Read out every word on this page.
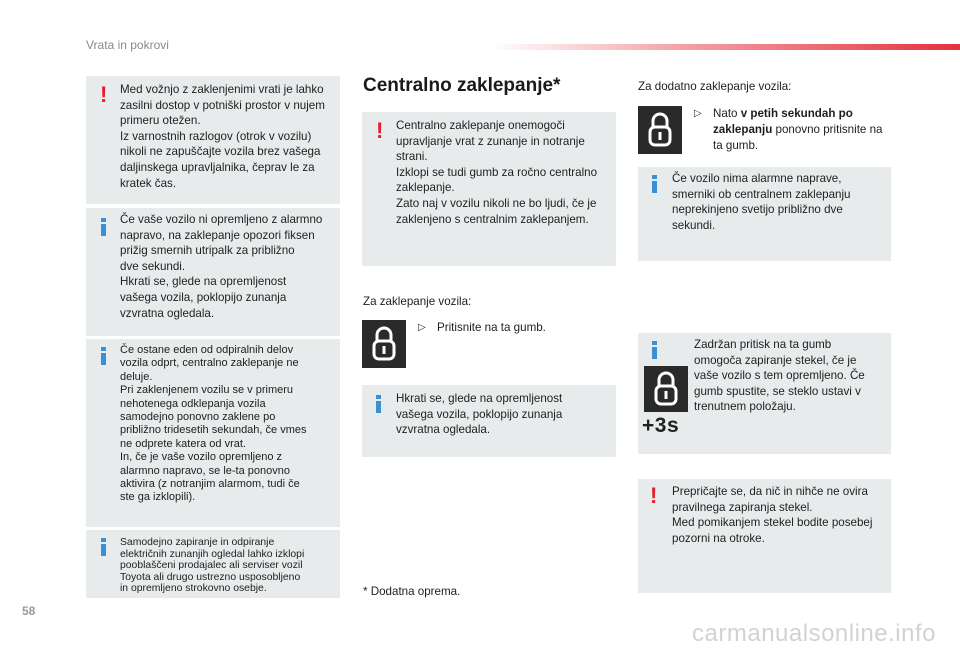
Vrata in pokrovi
! Med vožnjo z zaklenjenimi vrati je lahko
zasilni dostop v potniški prostor v nujem
primeru otežen.
Iz varnostnih razlogov (otrok v vozilu)
nikoli ne zapuščajte vozila brez vašega
daljinskega upravljalnika, čeprav le za
kratek čas.
Če vaše vozilo ni opremljeno z alarmno
napravo, na zaklepanje opozori fiksen
prižig smernih utripalk za približno
dve sekundi.
Hkrati se, glede na opremljenost
vašega vozila, poklopijo zunanja
vzvratna ogledala.
Če ostane eden od odpiralnih delov
vozila odprt, centralno zaklepanje ne
deluje.
Pri zaklenjenem vozilu se v primeru
nehotenega odklepanja vozila
samodejno ponovno zaklene po
približno tridesetih sekundah, če vmes
ne odprete katera od vrat.
In, če je vaše vozilo opremljeno z
alarmno napravo, se le-ta ponovno
aktivira (z notranjim alarmom, tudi če
ste ga izklopili).
Samodejno zapiranje in odpiranje
električnih zunanjih ogledal lahko izklopi
pooblaščeni prodajalec ali serviser vozil
Toyota ali drugo ustrezno usposobljeno
in opremljeno strokovno osebje.
Centralno zaklepanje*
! Centralno zaklepanje onemogoči
upravljanje vrat z zunanje in notranje
strani.
Izklopi se tudi gumb za ročno centralno
zaklepanje.
Zato naj v vozilu nikoli ne bo ljudi, če je
zaklenjeno s centralnim zaklepanjem.
Za zaklepanje vozila:
▷ Pritisnite na ta gumb.
Hkrati se, glede na opremljenost
vašega vozila, poklopijo zunanja
vzvratna ogledala.
* Dodatna oprema.
Za dodatno zaklepanje vozila:
▷ Nato v petih sekundah po zaklepanju ponovno pritisnite na ta gumb.
Če vozilo nima alarmne naprave,
smerniki ob centralnem zaklepanju
neprekinjeno svetijo približno dve
sekundi.
Zadržan pritisk na ta gumb
omogoča zapiranje stekel, če je
vaše vozilo s tem opremljeno. Če
gumb spustite, se steklo ustavi v
trenutnem položaju.
+3s
! Prepričajte se, da nič in nihče ne ovira
pravilnega zapiranja stekel.
Med pomikanjem stekel bodite posebej
pozorni na otroke.
58
carmanualsonline.info
